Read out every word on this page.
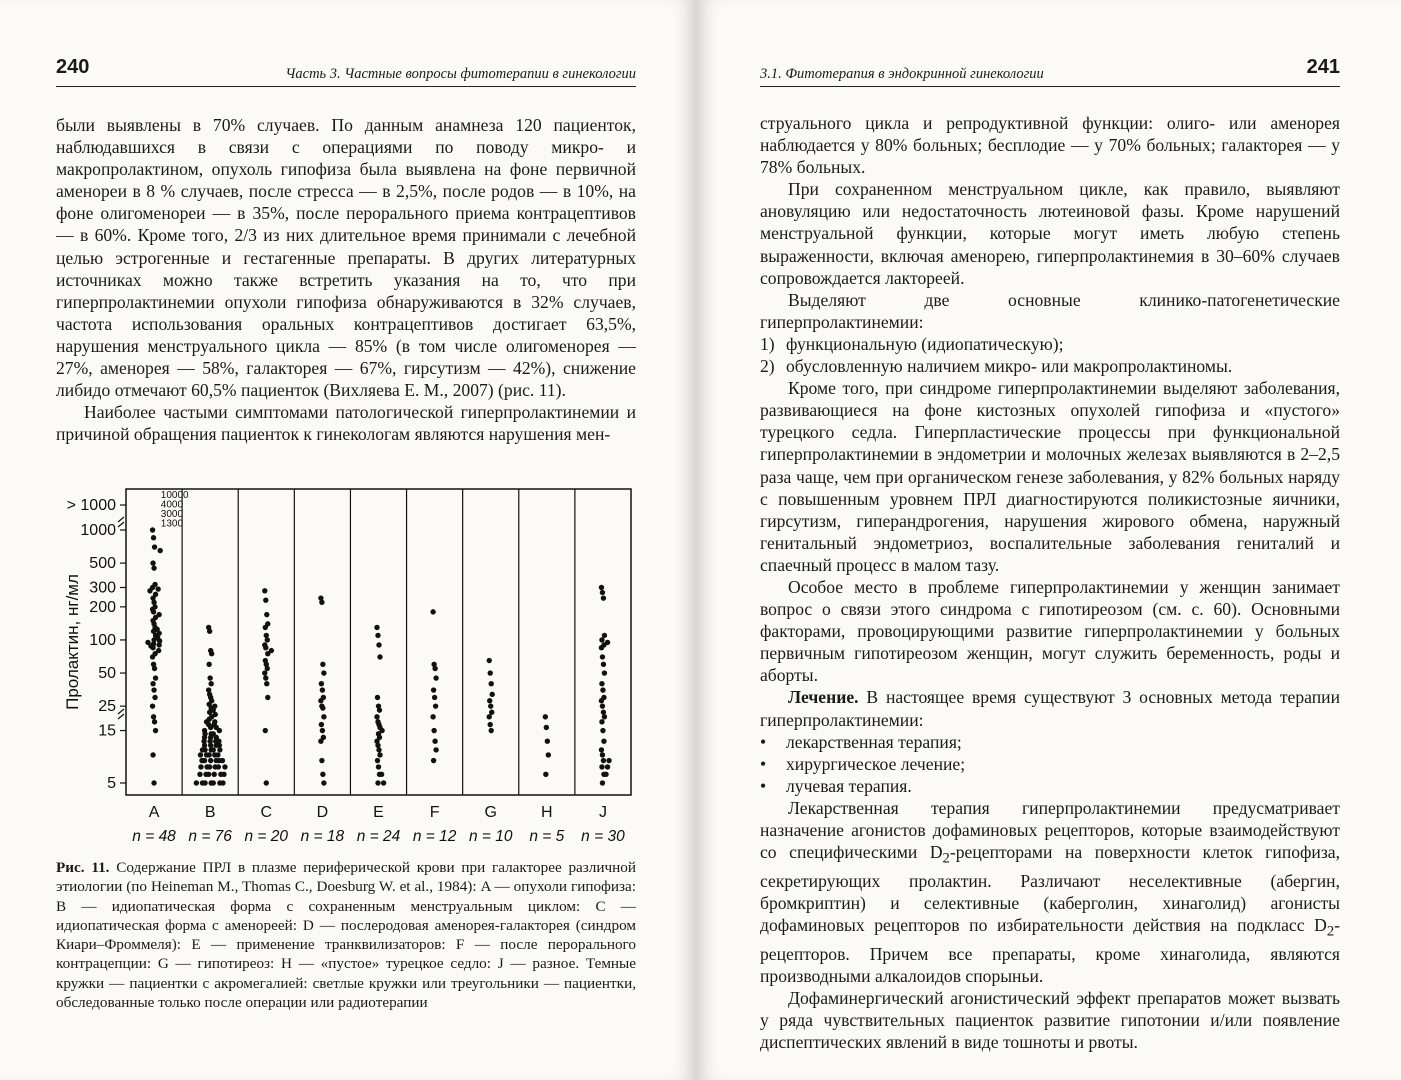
240	Часть 3. Частные вопросы фитотерапии в гинекологии

были выявлены в 70% случаев. По данным анамнеза 120 пациенток, наблюдавшихся в связи с операциями по поводу микро- и макропролактином, опухоль гипофиза была выявлена на фоне первичной аменореи в 8 % случаев, после стресса — в 2,5%, после родов — в 10%, на фоне олигоменореи — в 35%, после перорального приема контрацептивов — в 60%. Кроме того, 2/3 из них длительное время принимали с лечебной целью эстрогенные и гестагенные препараты. В других литературных источниках можно также встретить указания на то, что при гиперпролактинемии опухоли гипофиза обнаруживаются в 32% случаев, частота использования оральных контрацептивов достигает 63,5%, нарушения менструального цикла — 85% (в том числе олигоменорея — 27%, аменорея — 58%, галакторея — 67%, гирсутизм — 42%), снижение либидо отмечают 60,5% пациенток (Вихляева Е. М., 2007) (рис. 11).

Наиболее частыми симптомами патологической гиперпролактинемии и причиной обращения пациенток к гинекологам являются нарушения мен-

5
15
25
50
100
200
300
500
1000
> 1000
Пролактин, нг/мл
10000
4000
3000
1300
A
n = 48
B
n = 76
C
n = 20
D
n = 18
E
n = 24
F
n = 12
G
n = 10
H
n = 5
J
n = 30
Рис. 11. Содержание ПРЛ в плазме периферической крови при галакторее различной этиологии (по Heineman M., Thomas C., Doesburg W. et al., 1984): A — опухоли гипофиза: B — идиопатическая форма с сохраненным менструальным циклом: C — идиопатическая форма с аменореей: D — послеродовая аменорея-галакторея (синдром Киари–Фроммеля): E — применение транквилизаторов: F — после перорального контрацепции: G — гипотиреоз: H — «пустое» турецкое седло: J — разное. Темные кружки — пациентки с акромегалией: светлые кружки или треугольники — пациентки, обследованные только после операции или радиотерапии
3.1. Фитотерапия в эндокринной гинекологии	241

струального цикла и репродуктивной функции: олиго- или аменорея наблюдается у 80% больных; бесплодие — у 70% больных; галакторея — у 78% больных.

При сохраненном менструальном цикле, как правило, выявляют ановуляцию или недостаточность лютеиновой фазы. Кроме нарушений менструальной функции, которые могут иметь любую степень выраженности, включая аменорею, гиперпролактинемия в 30–60% случаев сопровождается лактореей.

Выделяют две основные клинико-патогенетические гиперпролактинемии:

1) функциональную (идиопатическую);

2) обусловленную наличием микро- или макропролактиномы.

Кроме того, при синдроме гиперпролактинемии выделяют заболевания, развивающиеся на фоне кистозных опухолей гипофиза и «пустого» турецкого седла. Гиперпластические процессы при функциональной гиперпролактинемии в эндометрии и молочных железах выявляются в 2–2,5 раза чаще, чем при органическом генезе заболевания, у 82% больных наряду с повышенным уровнем ПРЛ диагностируются поликистозные яичники, гирсутизм, гиперандрогения, нарушения жирового обмена, наружный генитальный эндометриоз, воспалительные заболевания гениталий и спаечный процесс в малом тазу.

Особое место в проблеме гиперпролактинемии у женщин занимает вопрос о связи этого синдрома с гипотиреозом (см. с. 60). Основными факторами, провоцирующими развитие гиперпролактинемии у больных первичным гипотиреозом женщин, могут служить беременность, роды и аборты.

Лечение. В настоящее время существуют 3 основных метода терапии гиперпролактинемии:

• лекарственная терапия;

• хирургическое лечение;

• лучевая терапия.

Лекарственная терапия гиперпролактинемии предусматривает назначение агонистов дофаминовых рецепторов, которые взаимодействуют со специфическими $D_2$-рецепторами на поверхности клеток гипофиза, секретирующих пролактин. Различают неселективные (абергин, бромкриптин) и селективные (каберголин, хинаголид) агонисты дофаминовых рецепторов по избирательности действия на подкласс $D_2$-рецепторов. Причем все препараты, кроме хинаголида, являются производными алкалоидов спорыньи.

Дофаминергический агонистический эффект препаратов может вызвать у ряда чувствительных пациенток развитие гипотонии и/или появление диспептических явлений в виде тошноты и рвоты.
